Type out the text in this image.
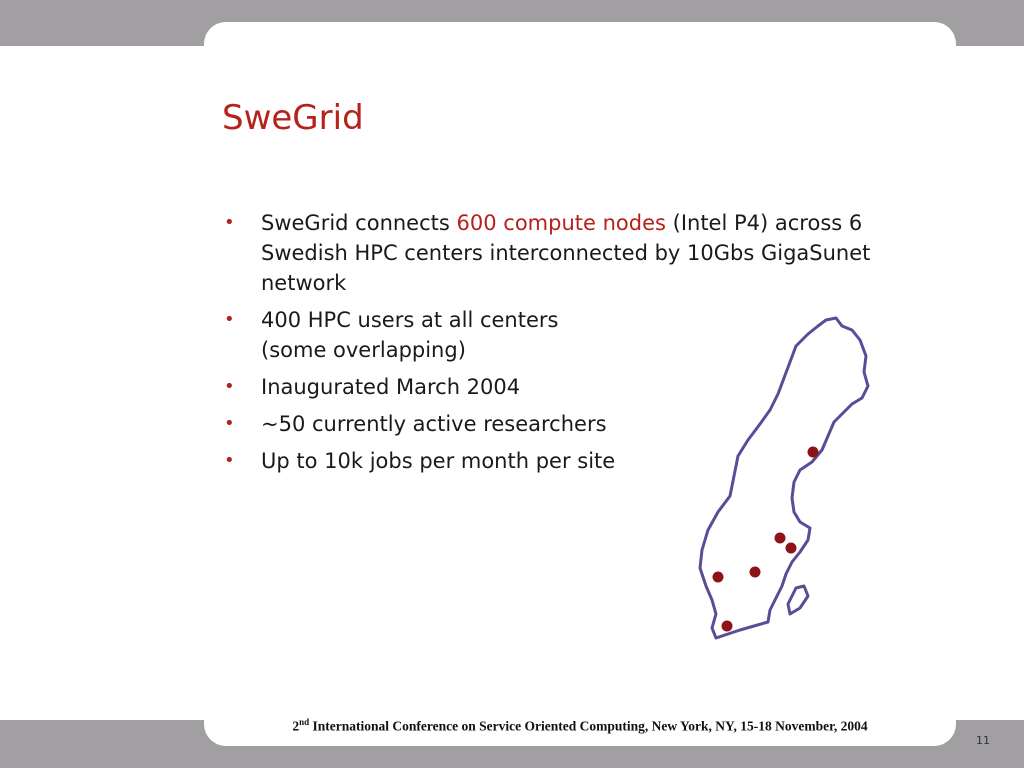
SweGrid
• SweGrid connects 600 compute nodes (Intel P4) across 6 Swedish HPC centers interconnected by 10Gbs GigaSunet network
• 400 HPC users at all centers
(some overlapping)
• Inaugurated March 2004
• ~50 currently active researchers
• Up to 10k jobs per month per site
2nd International Conference on Service Oriented Computing, New York, NY, 15-18 November, 2004
11
